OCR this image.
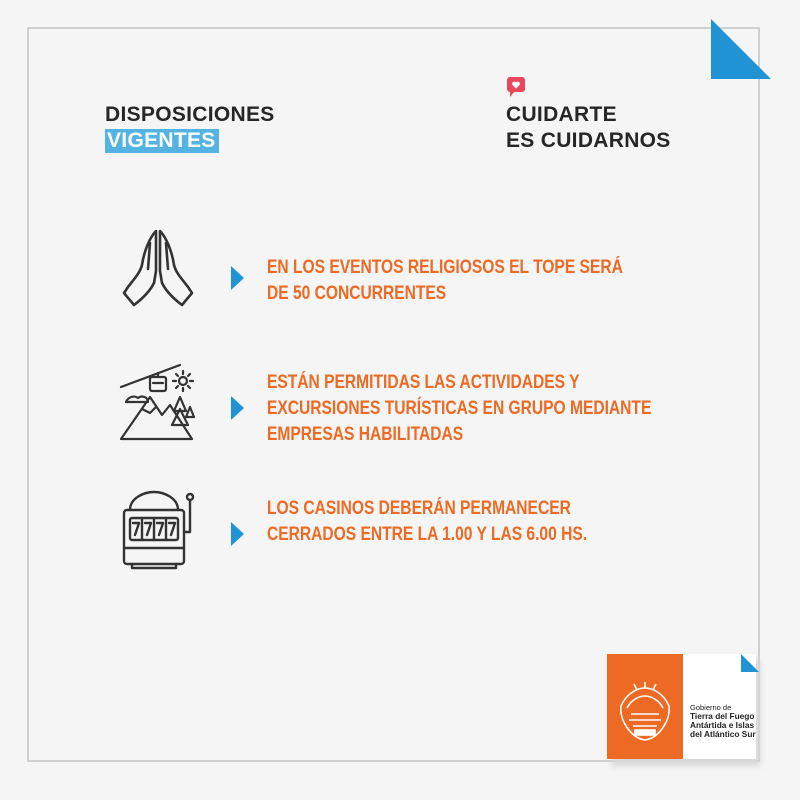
DISPOSICIONES
VIGENTES
CUIDARTE
ES CUIDARNOS
EN LOS EVENTOS RELIGIOSOS EL TOPE SERÁ
DE 50 CONCURRENTES
ESTÁN PERMITIDAS LAS ACTIVIDADES Y
EXCURSIONES TURÍSTICAS EN GRUPO MEDIANTE
EMPRESAS HABILITADAS
LOS CASINOS DEBERÁN PERMANECER
CERRADOS ENTRE LA 1.00 Y LAS 6.00 HS.
Gobierno de
Tierra del Fuego
Antártida e Islas
del Atlántico Sur
